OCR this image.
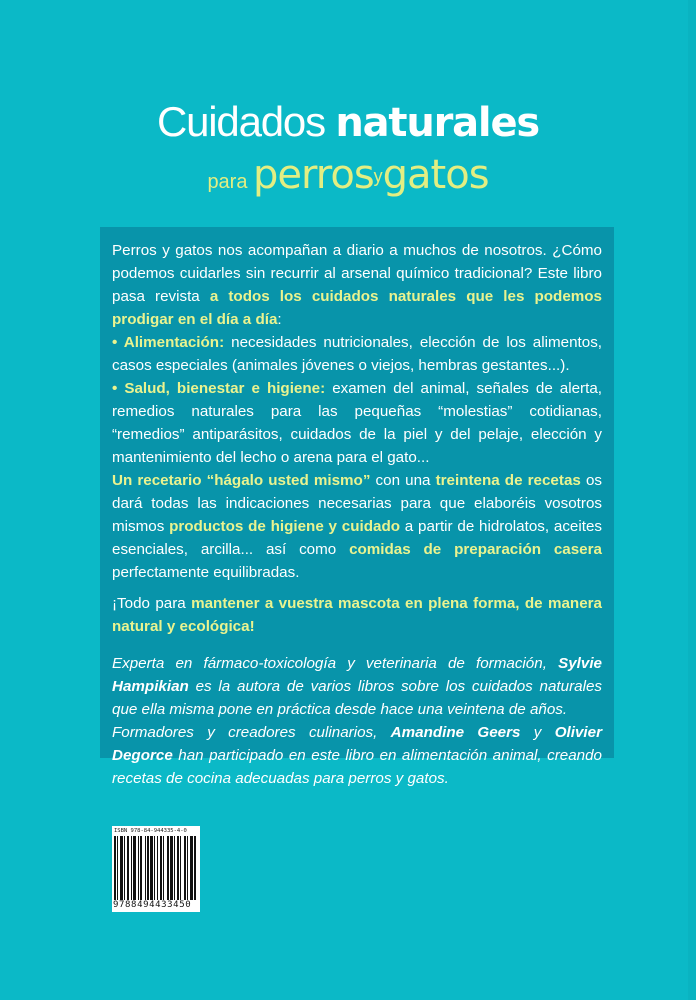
Cuidados naturales
para perrosygatos

Perros y gatos nos acompañan a diario a muchos de nosotros. ¿Cómo podemos cuidarles sin recurrir al arsenal químico tradicional? Este libro pasa revista a todos los cuidados naturales que les podemos prodigar en el día a día:

• Alimentación: necesidades nutricionales, elección de los alimentos, casos especiales (animales jóvenes o viejos, hembras gestantes...).

• Salud, bienestar e higiene: examen del animal, señales de alerta, remedios naturales para las pequeñas “molestias” cotidianas, “remedios” antiparásitos, cuidados de la piel y del pelaje, elección y mantenimiento del lecho o arena para el gato...

Un recetario “hágalo usted mismo” con una treintena de recetas os dará todas las indicaciones necesarias para que elaboréis vosotros mismos productos de higiene y cuidado a partir de hidrolatos, aceites esenciales, arcilla... así como comidas de preparación casera perfectamente equilibradas.

¡Todo para mantener a vuestra mascota en plena forma, de manera natural y ecológica!

Experta en fármaco-toxicología y veterinaria de formación, Sylvie Hampikian es la autora de varios libros sobre los cuidados naturales que ella misma pone en práctica desde hace una veintena de años.

Formadores y creadores culinarios, Amandine Geers y Olivier Degorce han participado en este libro en alimentación animal, creando recetas de cocina adecuadas para perros y gatos.

ISBN 978-84-944335-4-0
9788494433450
